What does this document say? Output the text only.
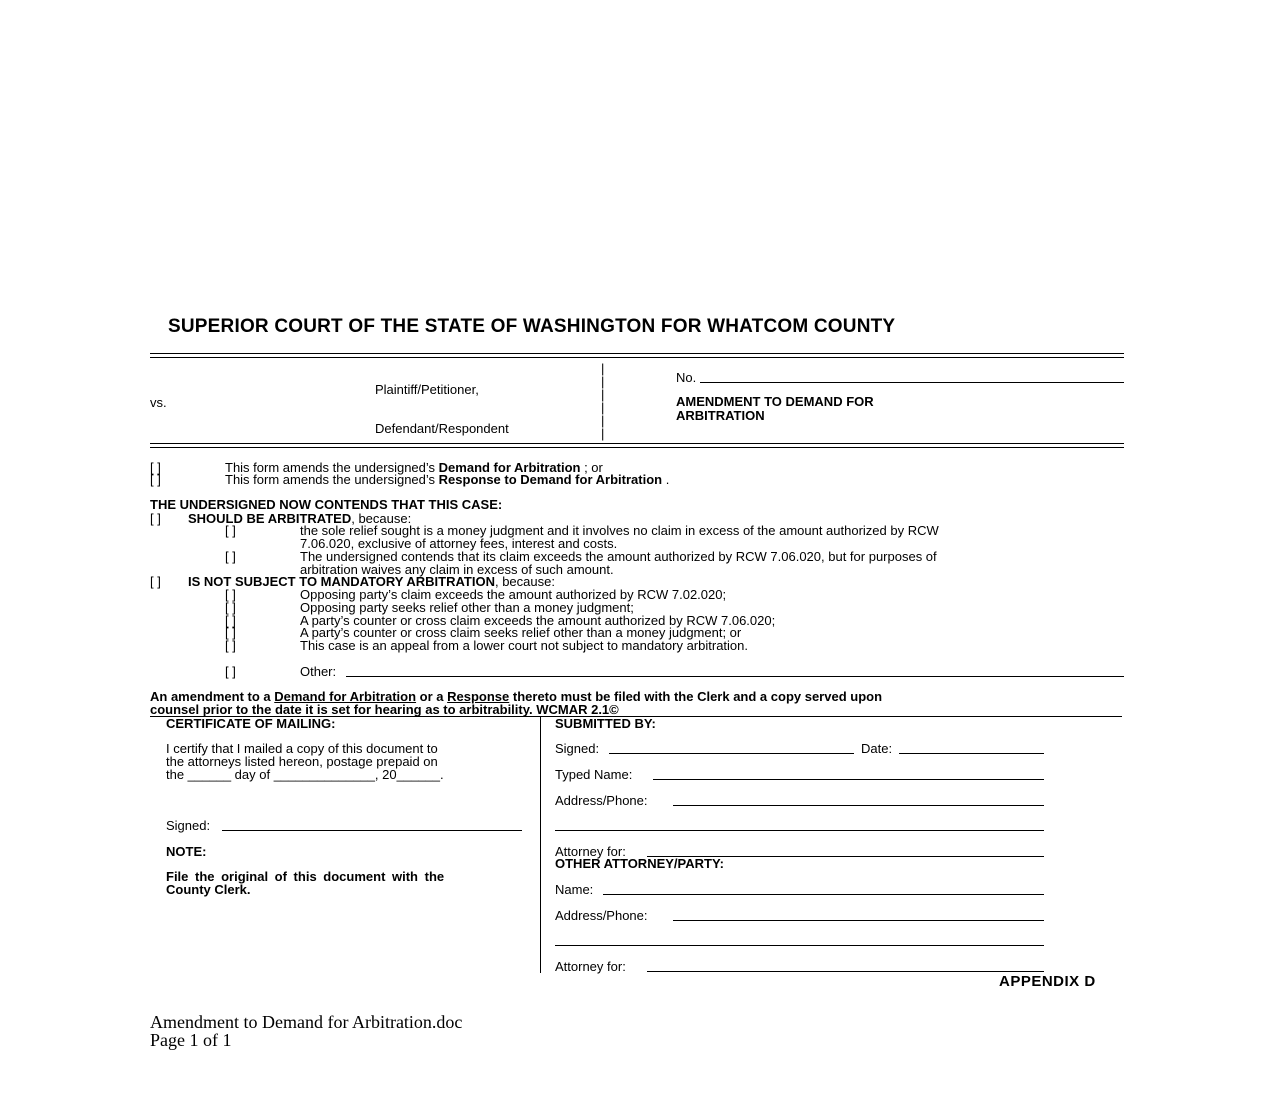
SUPERIOR COURT OF THE STATE OF WASHINGTON FOR WHATCOM COUNTY
Plaintiff/Petitioner,
vs.
Defendant/Respondent
|
|
|
|
|
|
No.
AMENDMENT TO DEMAND FOR
ARBITRATION
[ ]	This form amends the undersigned’s Demand for Arbitration ; or
[ ]	This form amends the undersigned’s Response to Demand for Arbitration .
THE UNDERSIGNED NOW CONTENDS THAT THIS CASE:
[ ] SHOULD BE ARBITRATED, because:
[ ]	the sole relief sought is a money judgment and it involves no claim in excess of the amount authorized by RCW
7.06.020, exclusive of attorney fees, interest and costs.
[ ]	The undersigned contends that its claim exceeds the amount authorized by RCW 7.06.020, but for purposes of
arbitration waives any claim in excess of such amount.
[ ] IS NOT SUBJECT TO MANDATORY ARBITRATION, because:
[ ]	Opposing party’s claim exceeds the amount authorized by RCW 7.02.020;
[ ]	Opposing party seeks relief other than a money judgment;
[ ]	A party’s counter or cross claim exceeds the amount authorized by RCW 7.06.020;
[ ]	A party’s counter or cross claim seeks relief other than a money judgment; or
[ ]	This case is an appeal from a lower court not subject to mandatory arbitration.
[ ]	Other:
An amendment to a Demand for Arbitration or a Response thereto must be filed with the Clerk and a copy served upon
counsel prior to the date it is set for hearing as to arbitrability. WCMAR 2.1©
CERTIFICATE OF MAILING:
I certify that I mailed a copy of this document to
the attorneys listed hereon, postage prepaid on
the ______ day of ______________, 20______.
Signed:
NOTE:
File the original of this document with the
County Clerk.
SUBMITTED BY:
Signed:	Date:
Typed Name:
Address/Phone:
Attorney for:
OTHER ATTORNEY/PARTY:
Name:
Address/Phone:
Attorney for:
APPENDIX D
Amendment to Demand for Arbitration.doc
Page 1 of 1
